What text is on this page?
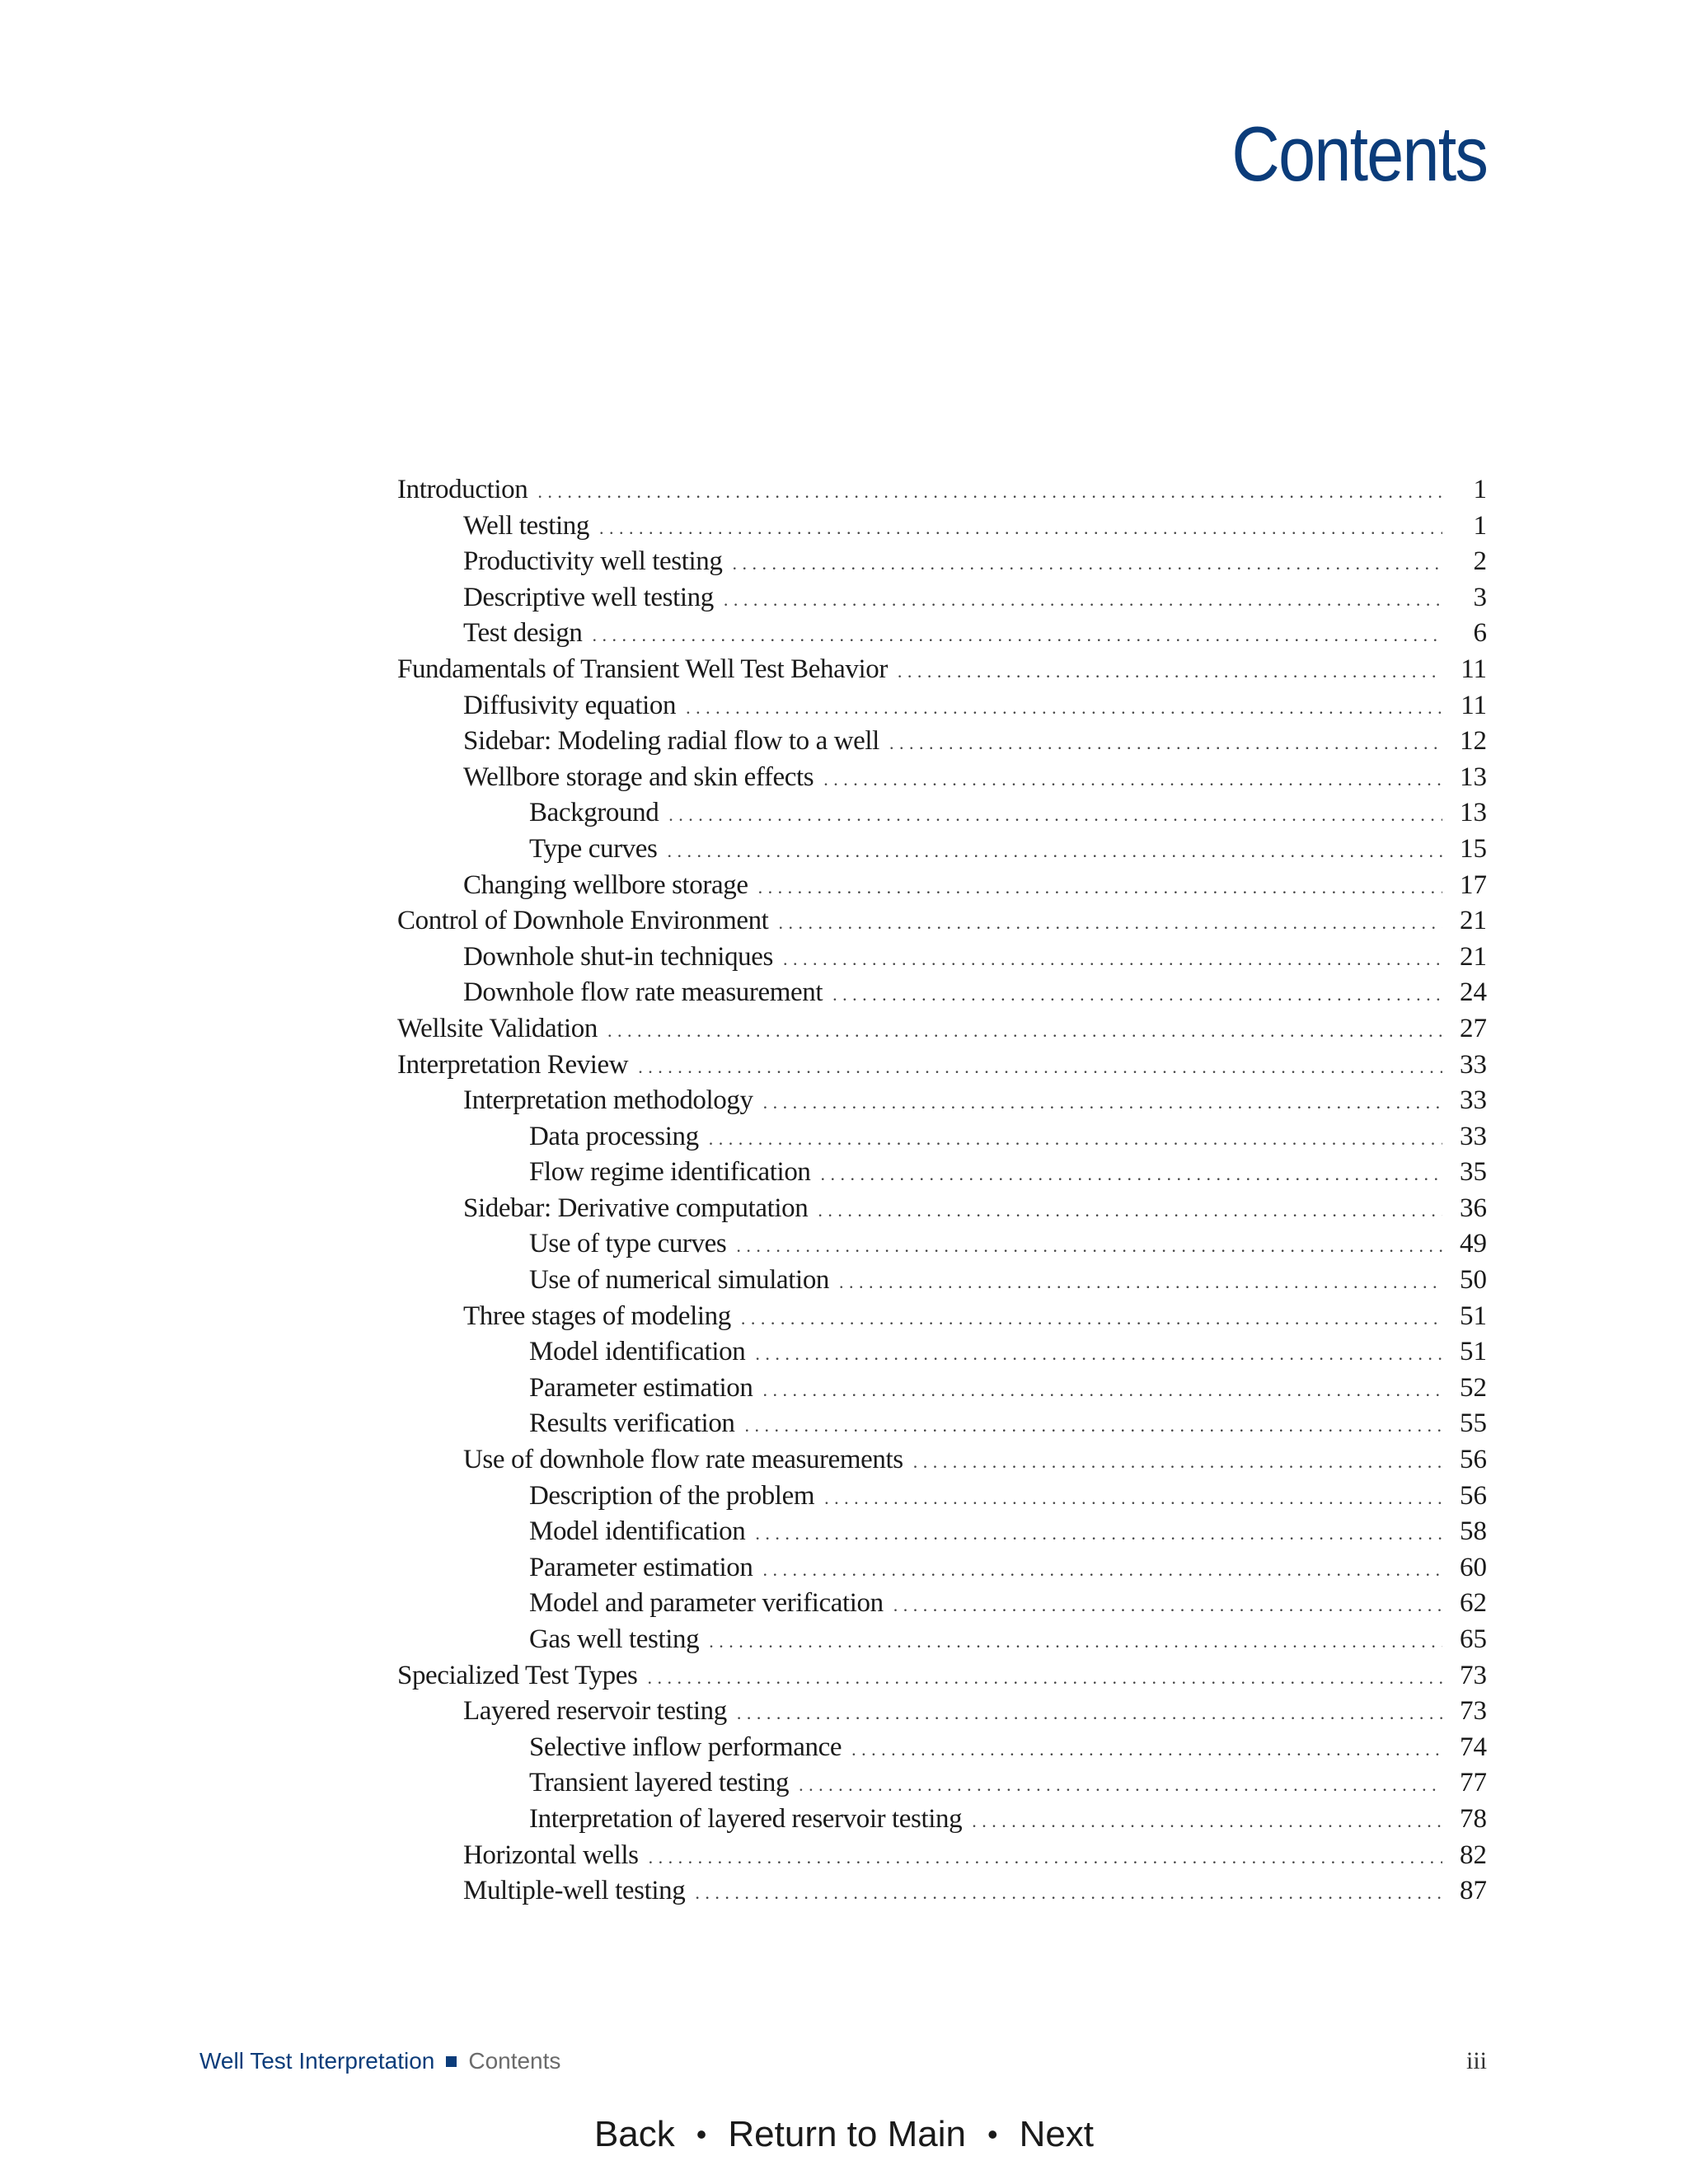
Contents
Introduction .....	1
Well testing .....	1
Productivity well testing .....	2
Descriptive well testing .....	3
Test design .....	6
Fundamentals of Transient Well Test Behavior .....	11
Diffusivity equation .....	11
Sidebar: Modeling radial flow to a well .....	12
Wellbore storage and skin effects .....	13
Background .....	13
Type curves .....	15
Changing wellbore storage .....	17
Control of Downhole Environment .....	21
Downhole shut-in techniques .....	21
Downhole flow rate measurement .....	24
Wellsite Validation .....	27
Interpretation Review .....	33
Interpretation methodology .....	33
Data processing .....	33
Flow regime identification .....	35
Sidebar: Derivative computation .....	36
Use of type curves .....	49
Use of numerical simulation .....	50
Three stages of modeling .....	51
Model identification .....	51
Parameter estimation .....	52
Results verification .....	55
Use of downhole flow rate measurements .....	56
Description of the problem .....	56
Model identification .....	58
Parameter estimation .....	60
Model and parameter verification .....	62
Gas well testing .....	65
Specialized Test Types .....	73
Layered reservoir testing .....	73
Selective inflow performance .....	74
Transient layered testing .....	77
Interpretation of layered reservoir testing .....	78
Horizontal wells .....	82
Multiple-well testing .....	87
Well Test Interpretation Contents	iii
Back • Return to Main • Next
